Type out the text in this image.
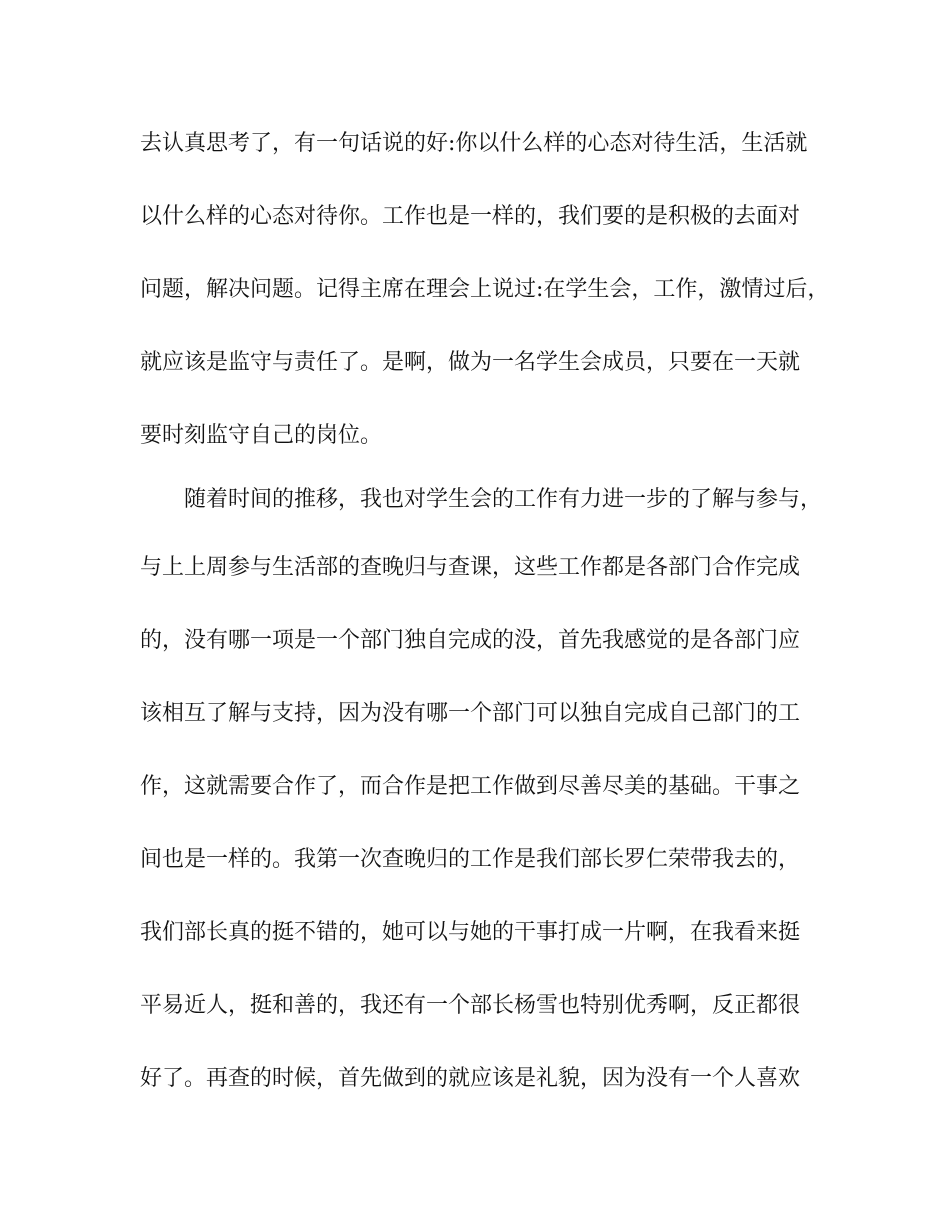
去认真思考了，有一句话说的好:你以什么样的心态对待生活，生活就
以什么样的心态对待你。工作也是一样的，我们要的是积极的去面对
问题，解决问题。记得主席在理会上说过:在学生会，工作，激情过后，
就应该是监守与责任了。是啊，做为一名学生会成员，只要在一天就
要时刻监守自己的岗位。
随着时间的推移，我也对学生会的工作有力进一步的了解与参与，
与上上周参与生活部的查晚归与查课，这些工作都是各部门合作完成
的，没有哪一项是一个部门独自完成的没，首先我感觉的是各部门应
该相互了解与支持，因为没有哪一个部门可以独自完成自己部门的工
作，这就需要合作了，而合作是把工作做到尽善尽美的基础。干事之
间也是一样的。我第一次查晚归的工作是我们部长罗仁荣带我去的，
我们部长真的挺不错的，她可以与她的干事打成一片啊，在我看来挺
平易近人，挺和善的，我还有一个部长杨雪也特别优秀啊，反正都很
好了。再查的时候，首先做到的就应该是礼貌，因为没有一个人喜欢
